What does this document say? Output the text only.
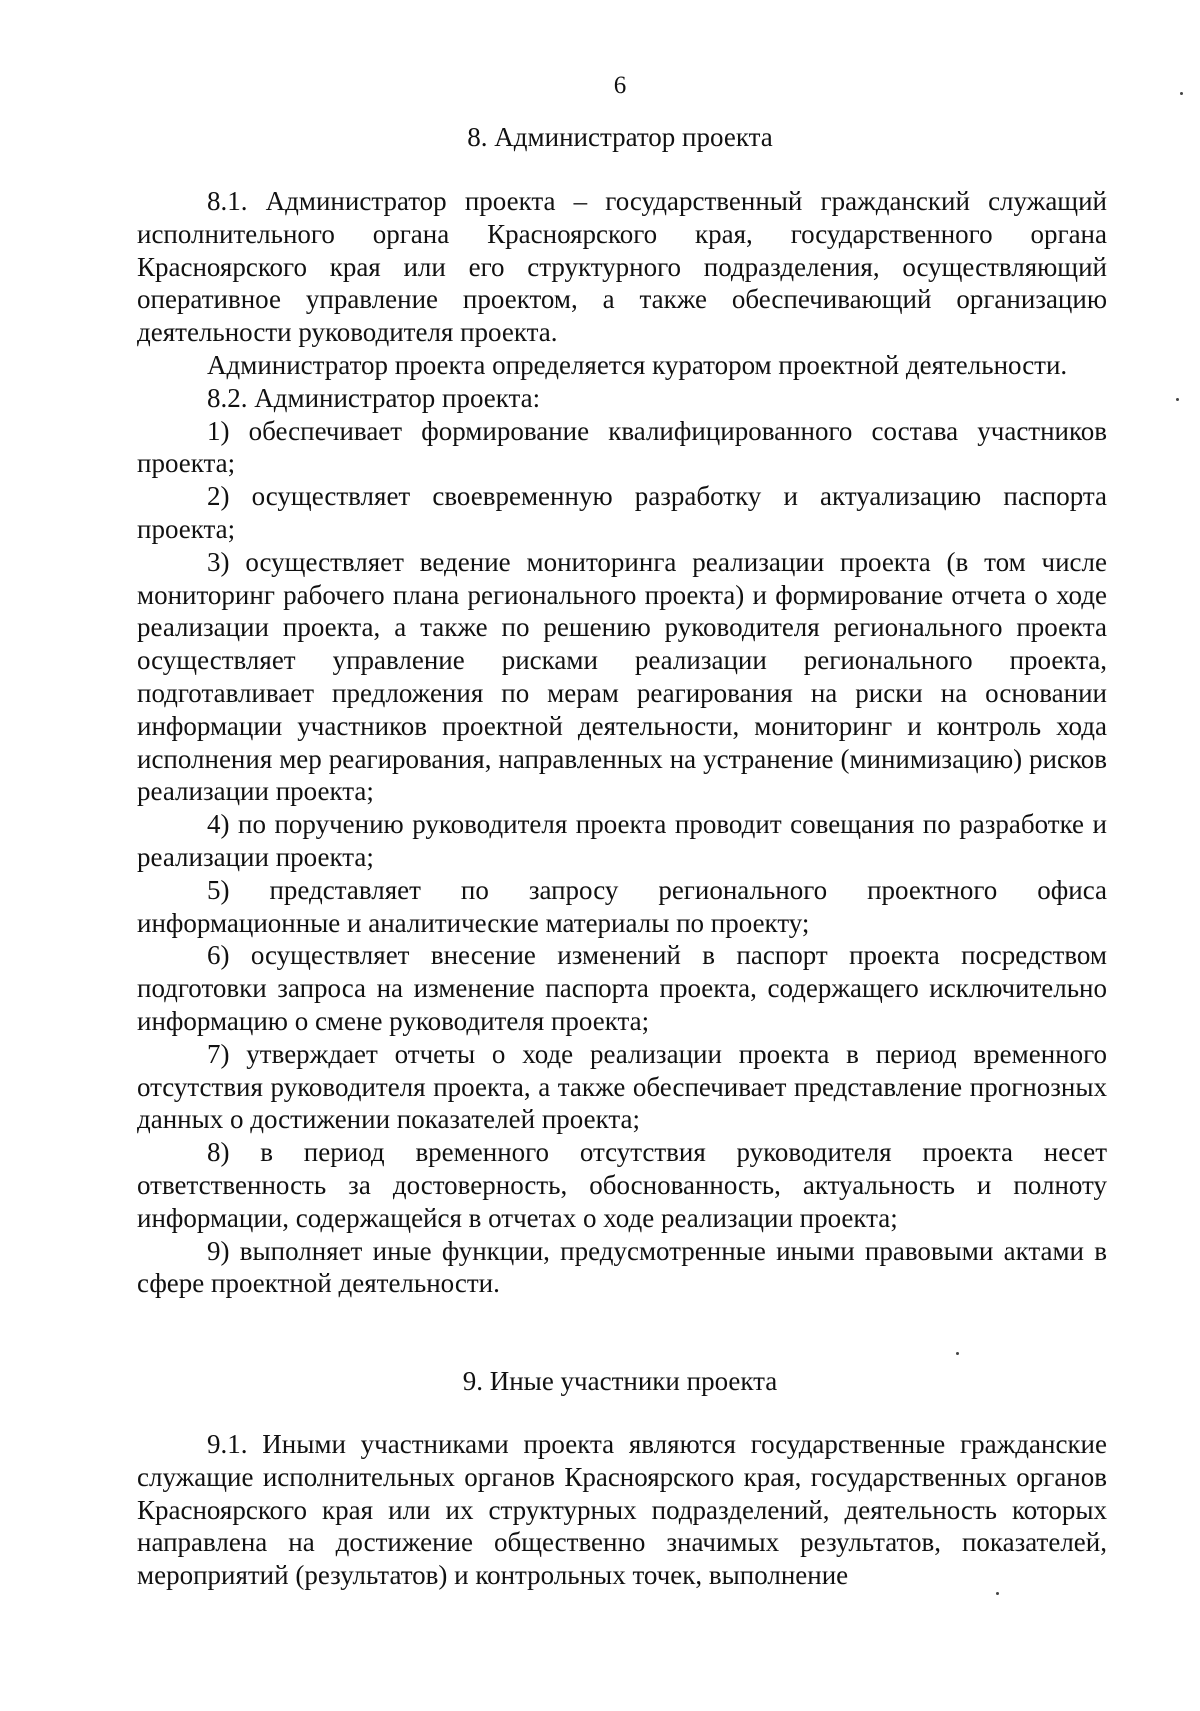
6
8. Администратор проекта

8.1. Администратор проекта – государственный гражданский служащий исполнительного органа Красноярского края, государственного органа Красноярского края или его структурного подразделения, осуществляющий оперативное управление проектом, а также обеспечивающий организацию деятельности руководителя проекта.

Администратор проекта определяется куратором проектной деятельности.

8.2. Администратор проекта:

1) обеспечивает формирование квалифицированного состава участников проекта;

2) осуществляет своевременную разработку и актуализацию паспорта проекта;

3) осуществляет ведение мониторинга реализации проекта (в том числе мониторинг рабочего плана регионального проекта) и формирование отчета о ходе реализации проекта, а также по решению руководителя регионального проекта осуществляет управление рисками реализации регионального проекта, подготавливает предложения по мерам реагирования на риски на основании информации участников проектной деятельности, мониторинг и контроль хода исполнения мер реагирования, направленных на устранение (минимизацию) рисков реализации проекта;

4) по поручению руководителя проекта проводит совещания по разработке и реализации проекта;

5) представляет по запросу регионального проектного офиса информационные и аналитические материалы по проекту;

6) осуществляет внесение изменений в паспорт проекта посредством подготовки запроса на изменение паспорта проекта, содержащего исключительно информацию о смене руководителя проекта;

7) утверждает отчеты о ходе реализации проекта в период временного отсутствия руководителя проекта, а также обеспечивает представление прогнозных данных о достижении показателей проекта;

8) в период временного отсутствия руководителя проекта несет ответственность за достоверность, обоснованность, актуальность и полноту информации, содержащейся в отчетах о ходе реализации проекта;

9) выполняет иные функции, предусмотренные иными правовыми актами в сфере проектной деятельности.

9. Иные участники проекта

9.1. Иными участниками проекта являются государственные гражданские служащие исполнительных органов Красноярского края, государственных органов Красноярского края или их структурных подразделений, деятельность которых направлена на достижение общественно значимых результатов, показателей, мероприятий (результатов) и контрольных точек, выполнение
